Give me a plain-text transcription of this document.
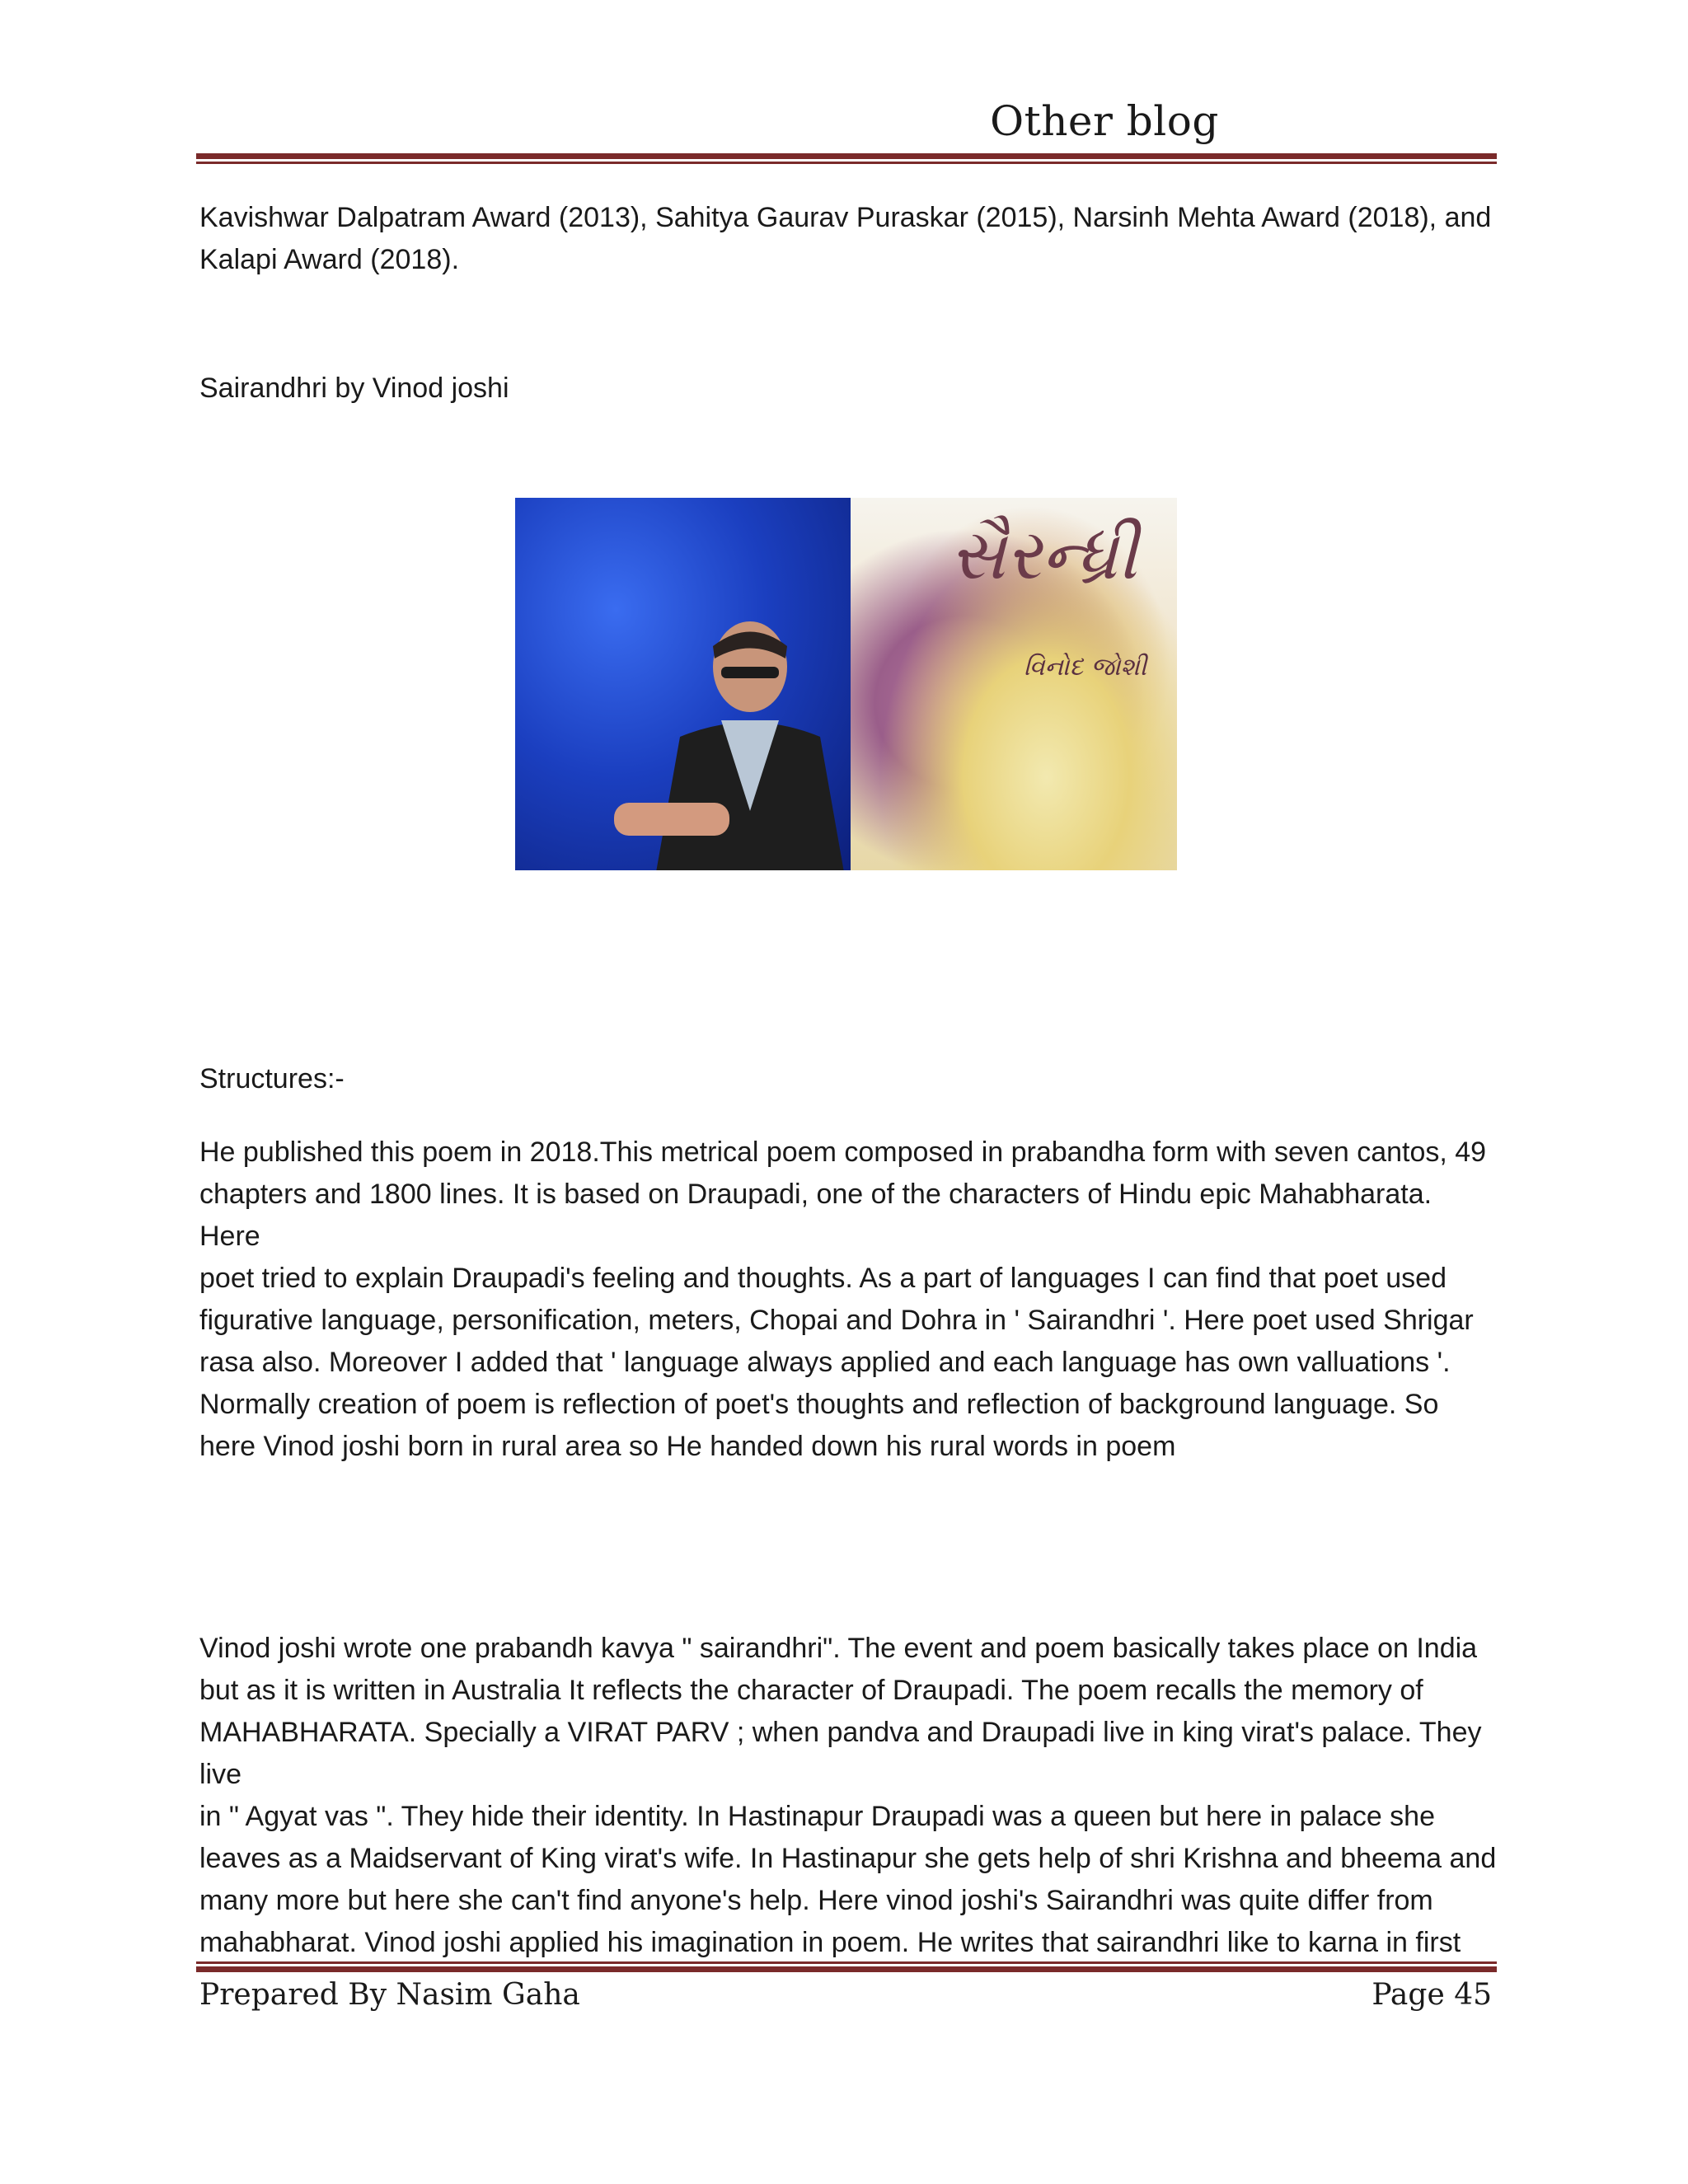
Other blog
Kavishwar Dalpatram Award (2013), Sahitya Gaurav Puraskar (2015), Narsinh Mehta Award (2018), and
Kalapi Award (2018).
Sairandhri by Vinod joshi
સૈરન્ધ્રી
વિનોદ જોશી
Structures:-
He published this poem in 2018.This metrical poem composed in prabandha form with seven cantos, 49
chapters and 1800 lines. It is based on Draupadi, one of the characters of Hindu epic Mahabharata. Here
poet tried to explain Draupadi's feeling and thoughts. As a part of languages I can find that poet used
figurative language, personification, meters, Chopai and Dohra in ' Sairandhri '. Here poet used Shrigar
rasa also. Moreover I added that ' language always applied and each language has own valluations '.
Normally creation of poem is reflection of poet's thoughts and reflection of background language. So
here Vinod joshi born in rural area so He handed down his rural words in poem
Vinod joshi wrote one prabandh kavya " sairandhri". The event and poem basically takes place on India
but as it is written in Australia It reflects the character of Draupadi. The poem recalls the memory of
MAHABHARATA. Specially a VIRAT PARV ; when pandva and Draupadi live in king virat's palace. They live
in " Agyat vas ". They hide their identity. In Hastinapur Draupadi was a queen but here in palace she
leaves as a Maidservant of King virat's wife. In Hastinapur she gets help of shri Krishna and bheema and
many more but here she can't find anyone's help. Here vinod joshi's Sairandhri was quite differ from
mahabharat. Vinod joshi applied his imagination in poem. He writes that sairandhri like to karna in first
Prepared By Nasim Gaha	Page 45
